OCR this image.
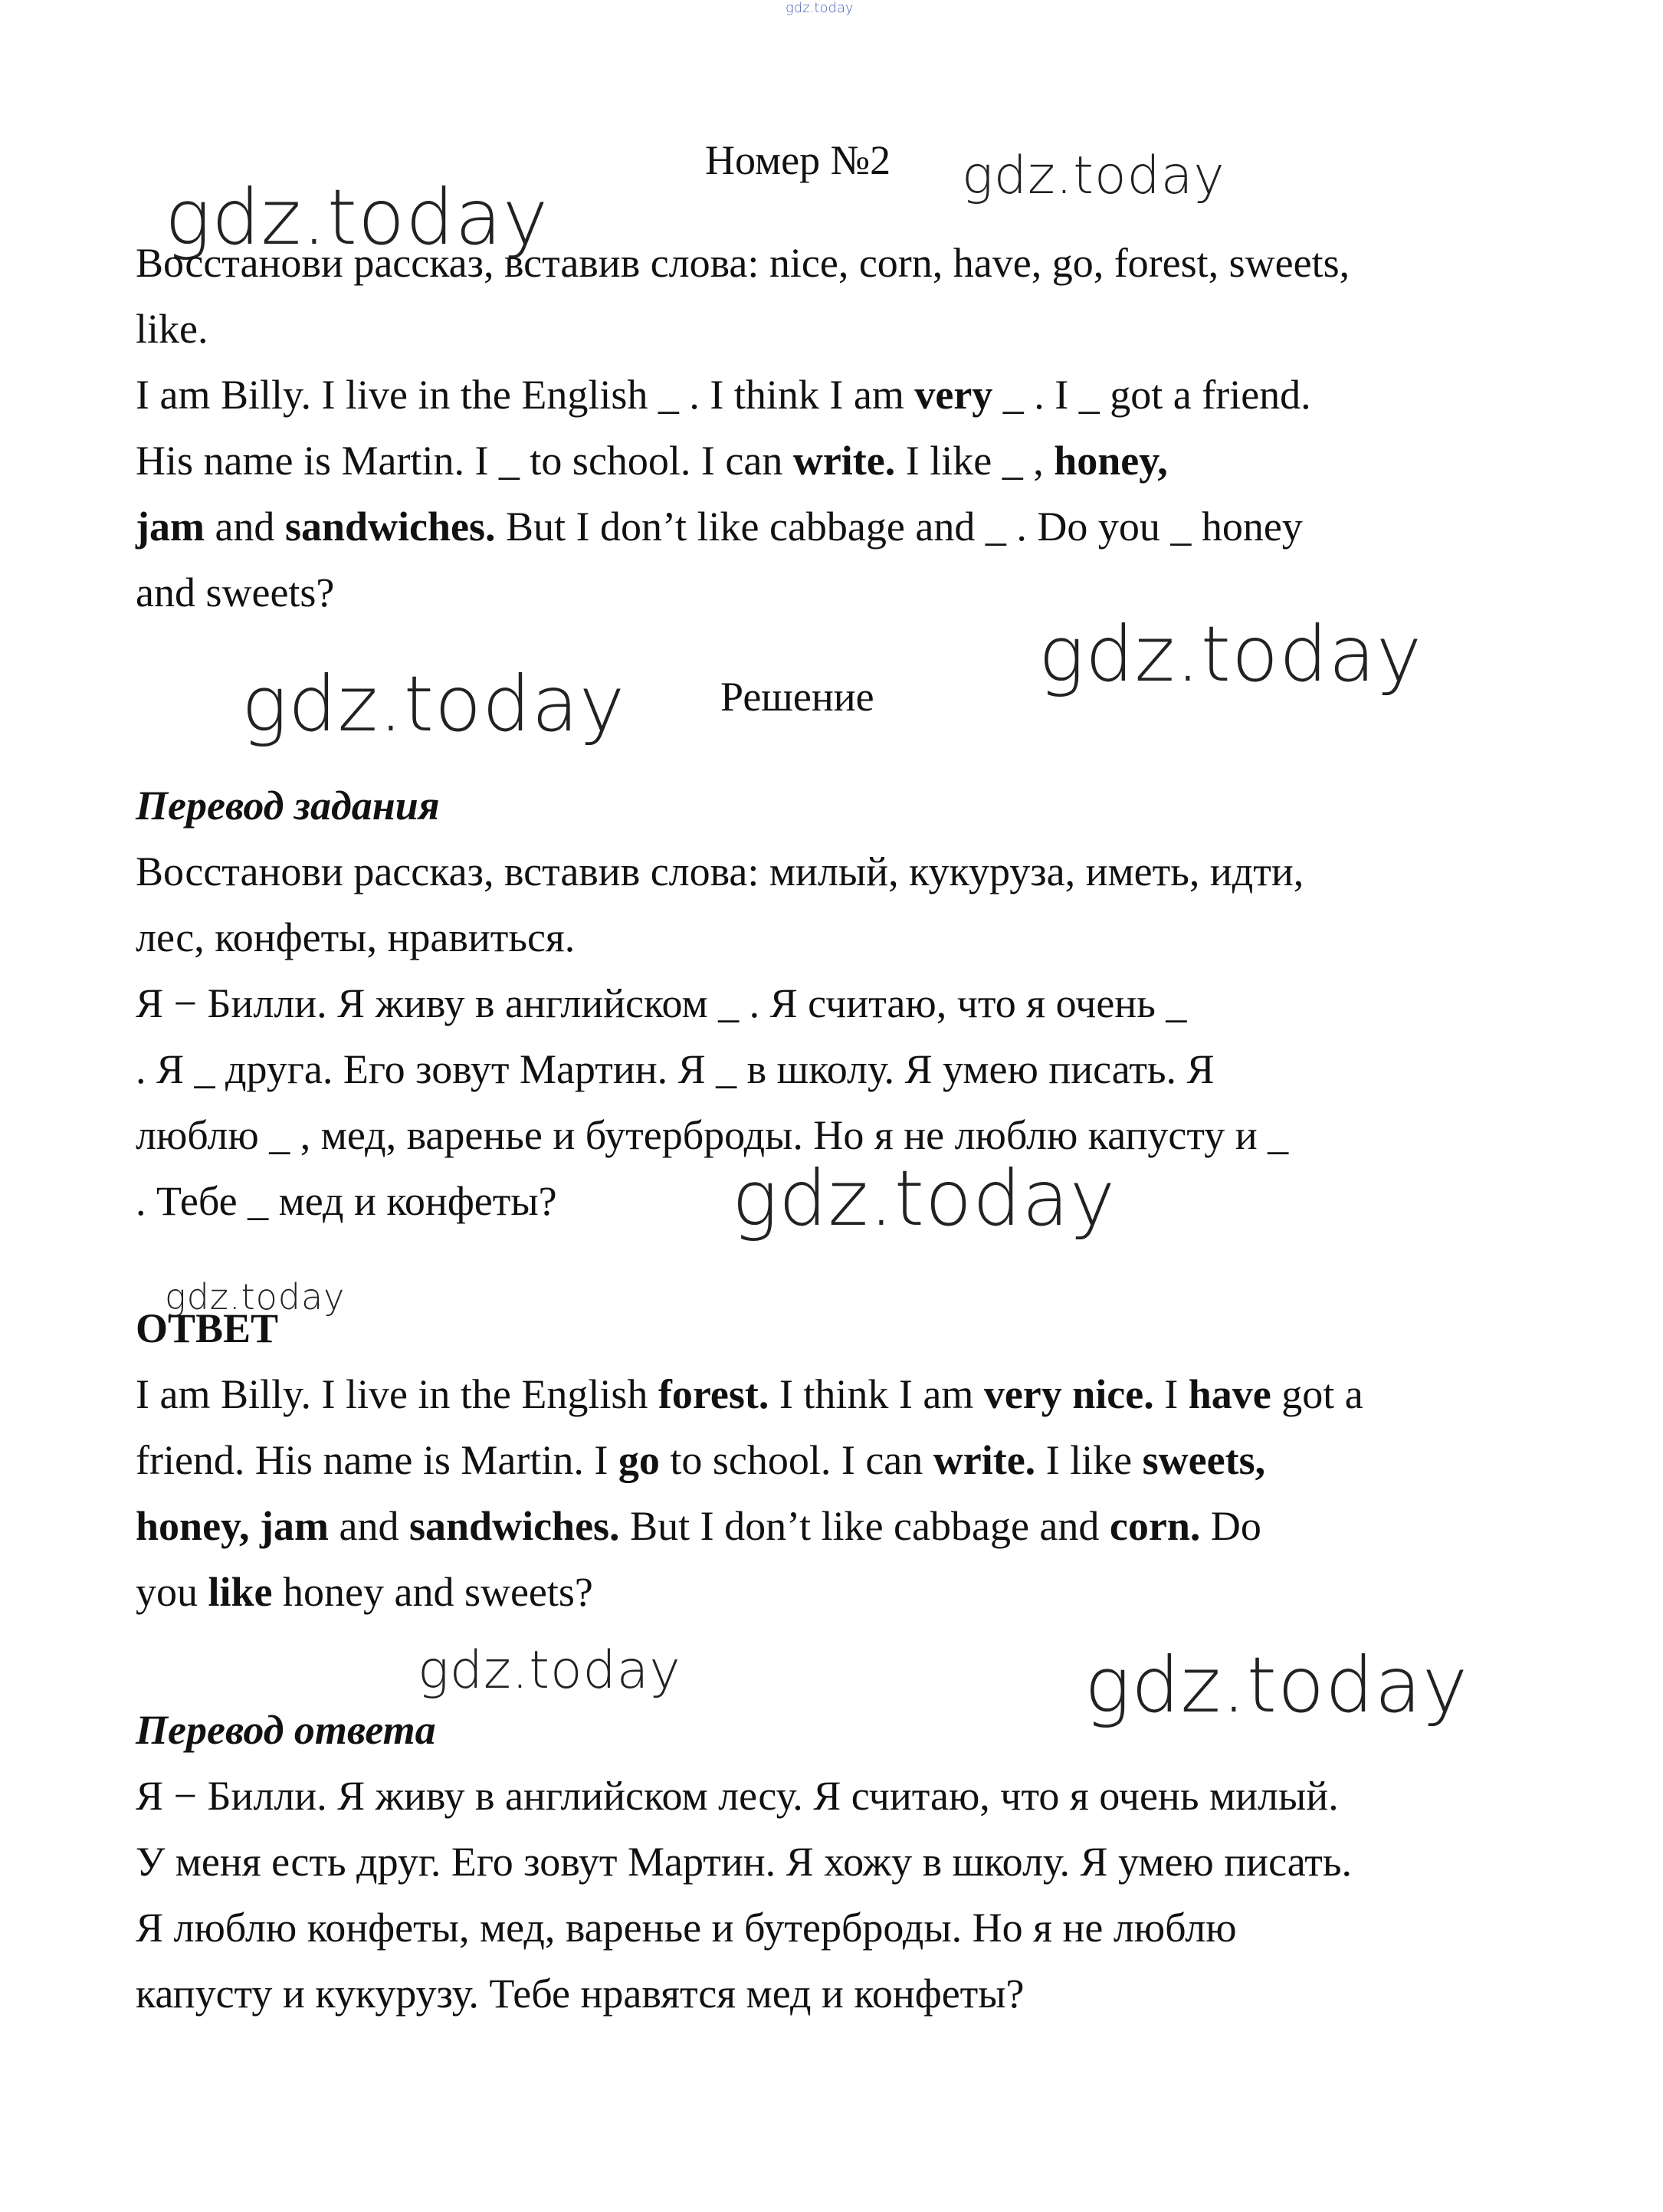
gdz.today
gdz.today	gdz.today
gdz.today
gdz.today
gdz.today
gdz.today
gdz.today	gdz.today
Номер №2
Восстанови рассказ, вставив слова: nice, corn, have, go, forest, sweets,
like.
I am Billy. I live in the English _ . I think I am very _ . I _ got a friend.
His name is Martin. I _ to school. I can write. I like _ , honey,
jam and sandwiches. But I don’t like cabbage and _ . Do you _ honey
and sweets?
Решение
Перевод задания
Восстанови рассказ, вставив слова: милый, кукуруза, иметь, идти,
лес, конфеты, нравиться.
Я − Билли. Я живу в английском _ . Я считаю, что я очень _
. Я _ друга. Его зовут Мартин. Я _ в школу. Я умею писать. Я
люблю _ , мед, варенье и бутерброды. Но я не люблю капусту и _
. Тебе _ мед и конфеты?
ОТВЕТ
I am Billy. I live in the English forest. I think I am very nice. I have got a
friend. His name is Martin. I go to school. I can write. I like sweets,
honey, jam and sandwiches. But I don’t like cabbage and corn. Do
you like honey and sweets?
Перевод ответа
Я − Билли. Я живу в английском лесу. Я считаю, что я очень милый.
У меня есть друг. Его зовут Мартин. Я хожу в школу. Я умею писать.
Я люблю конфеты, мед, варенье и бутерброды. Но я не люблю
капусту и кукурузу. Тебе нравятся мед и конфеты?
